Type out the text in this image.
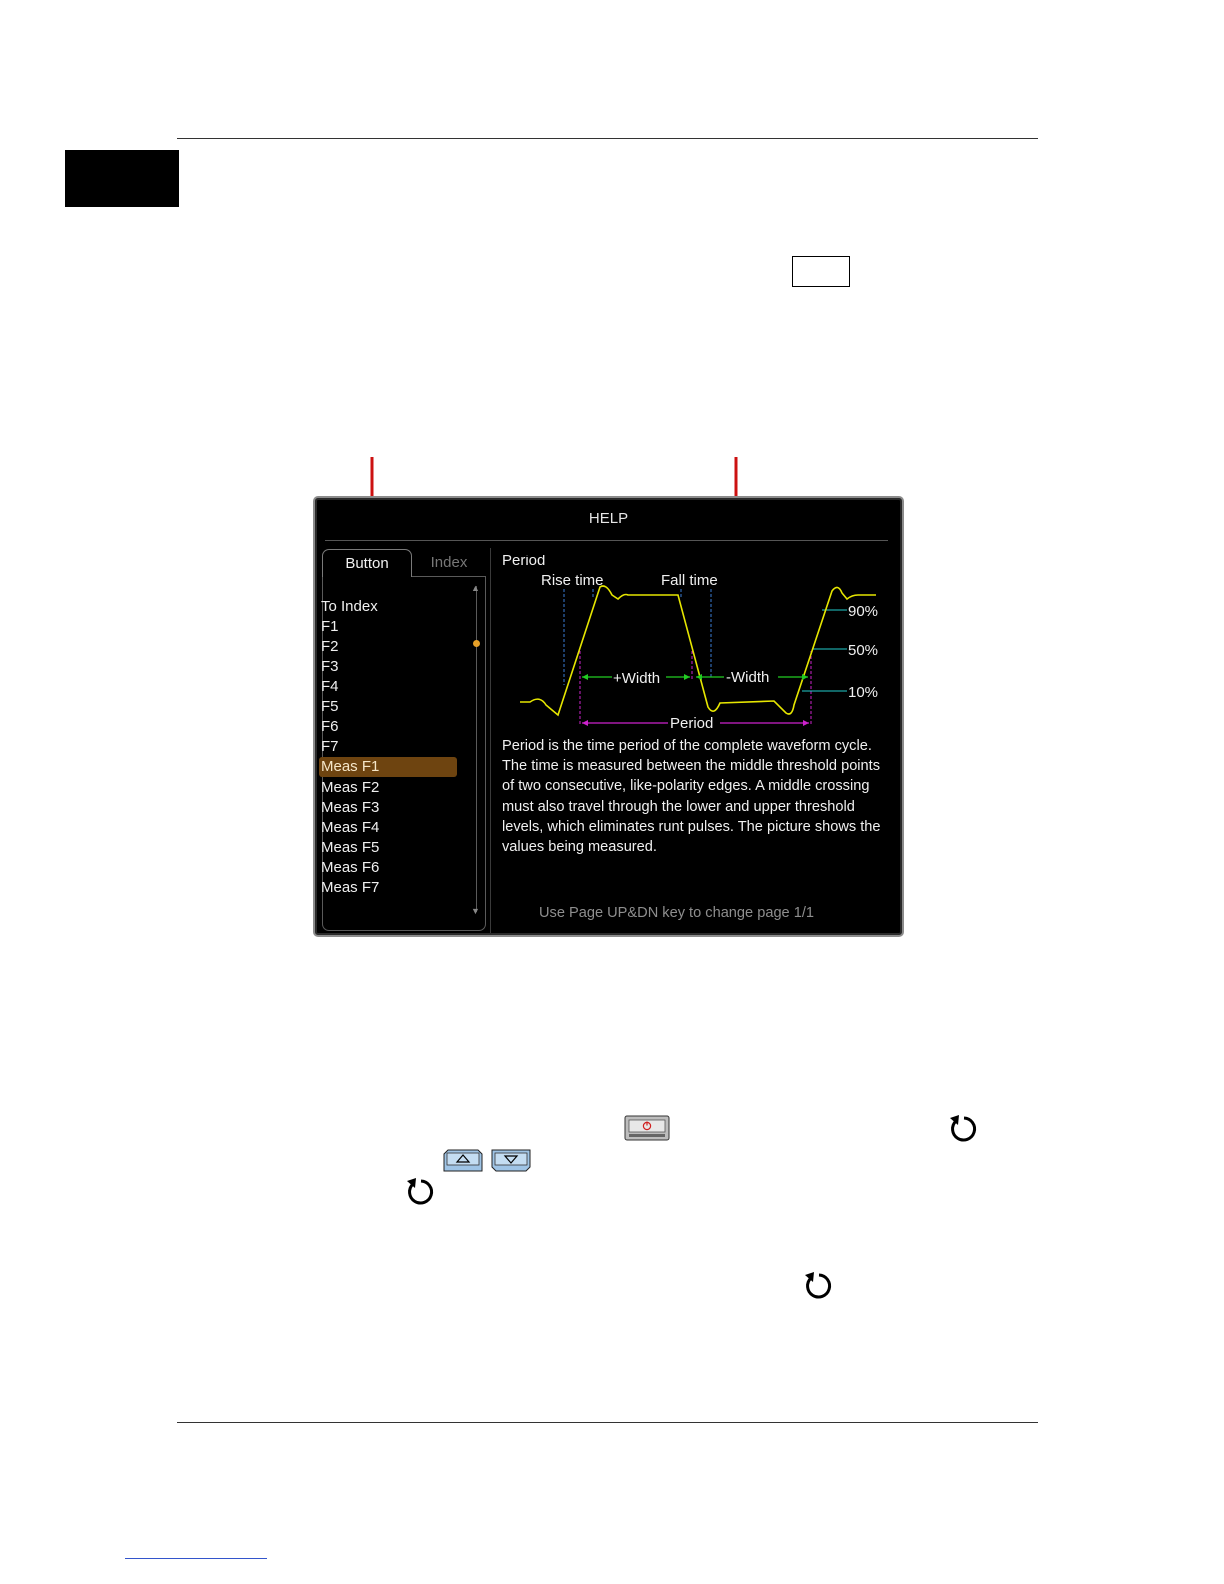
HELP
Button	Index
To Index
F1
F2
F3
F4
F5
F6
F7
Meas F1
Meas F2
Meas F3
Meas F4
Meas F5
Meas F6
Meas F7
▲
▼
Period
Rise time	Fall time
90%
50%
10%
+Width	-Width
Period
Period is the time period of the complete waveform cycle. The time is measured between the middle threshold points of two consecutive, like-polarity edges. A middle crossing must also travel through the lower and upper threshold levels, which eliminates runt pulses. The picture shows the values being measured.
Use Page UP&DN key to change page 1/1
